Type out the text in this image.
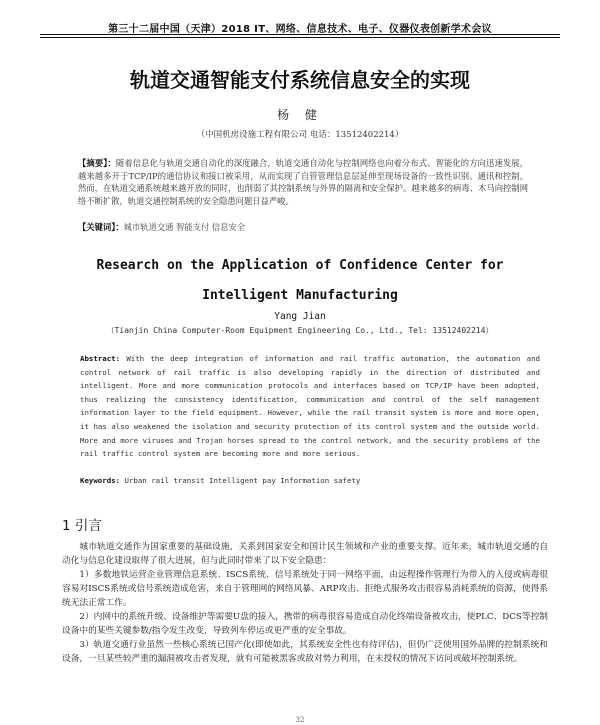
第三十二届中国（天津）2018 IT、网络、信息技术、电子、仪器仪表创新学术会议
轨道交通智能支付系统信息安全的实现
杨 健
（中国机房设施工程有限公司 电话：13512402214）
【摘要】：随着信息化与轨道交通自动化的深度融合，轨道交通自动化与控制网络也向着分布式、智能化的方向迅速发展，越来越多开于TCP/IP的通信协议和接口被采用，从而实现了自管管理信息层延伸至现场设备的一致性识别、通讯和控制。然而，在轨道交通系统越来越开放的同时，也削弱了其控制系统与外界的隔离和安全保护。越来越多的病毒、木马向控制网络不断扩散，轨道交通控制系统的安全隐患问题日益严峻。
【关键词】：城市轨道交通 智能支付 信息安全
Research on the Application of Confidence Center for
Intelligent Manufacturing
Yang Jian
（Tianjin China Computer-Room Equipment Engineering Co., Ltd., Tel: 13512402214）
Abstract: With the deep integration of information and rail traffic automation, the automation and control network of rail traffic is also developing rapidly in the direction of distributed and intelligent. More and more communication protocols and interfaces based on TCP/IP have been adopted, thus realizing the consistency identification, communication and control of the self management information layer to the field equipment. However, while the rail transit system is more and more open, it has also weakened the isolation and security protection of its control system and the outside world. More and more viruses and Trojan horses spread to the control network, and the security problems of the rail traffic control system are becoming more and more serious.
Keywords: Urban rail transit Intelligent pay Information safety
1 引言

城市轨道交通作为国家重要的基础设施，关系到国家安全和国计民生领域和产业的重要支撑。近年来，城市轨道交通的自动化与信息化建设取得了很大进展，但与此同时带来了以下安全隐患：

1）多数地铁运营企业管理信息系统、ISCS系统、信号系统处于同一网络平面，由远程操作管理行为带入的入侵或病毒很容易对ISCS系统或信号系统造成危害，来自于管理网的网络风暴、ARP攻击、拒绝式服务攻击很容易消耗系统的资源，使得系统无法正常工作。

2）内网中的系统升级、设备维护等需要U盘的接入，携带的病毒很容易造成自动化终端设备被攻击，使PLC、DCS等控制设备中的某些关键参数/指令发生改变，导致列车停运或更严重的安全事故。

3）轨道交通行业虽然一些核心系统已国产化(即使如此，其系统安全性也有待评估)，但仍广泛使用国外品牌的控制系统和设备，一旦某些较严重的漏洞被攻击者发现，就有可能被黑客或敌对势力利用，在未授权的情况下访问或破坏控制系统。

32
